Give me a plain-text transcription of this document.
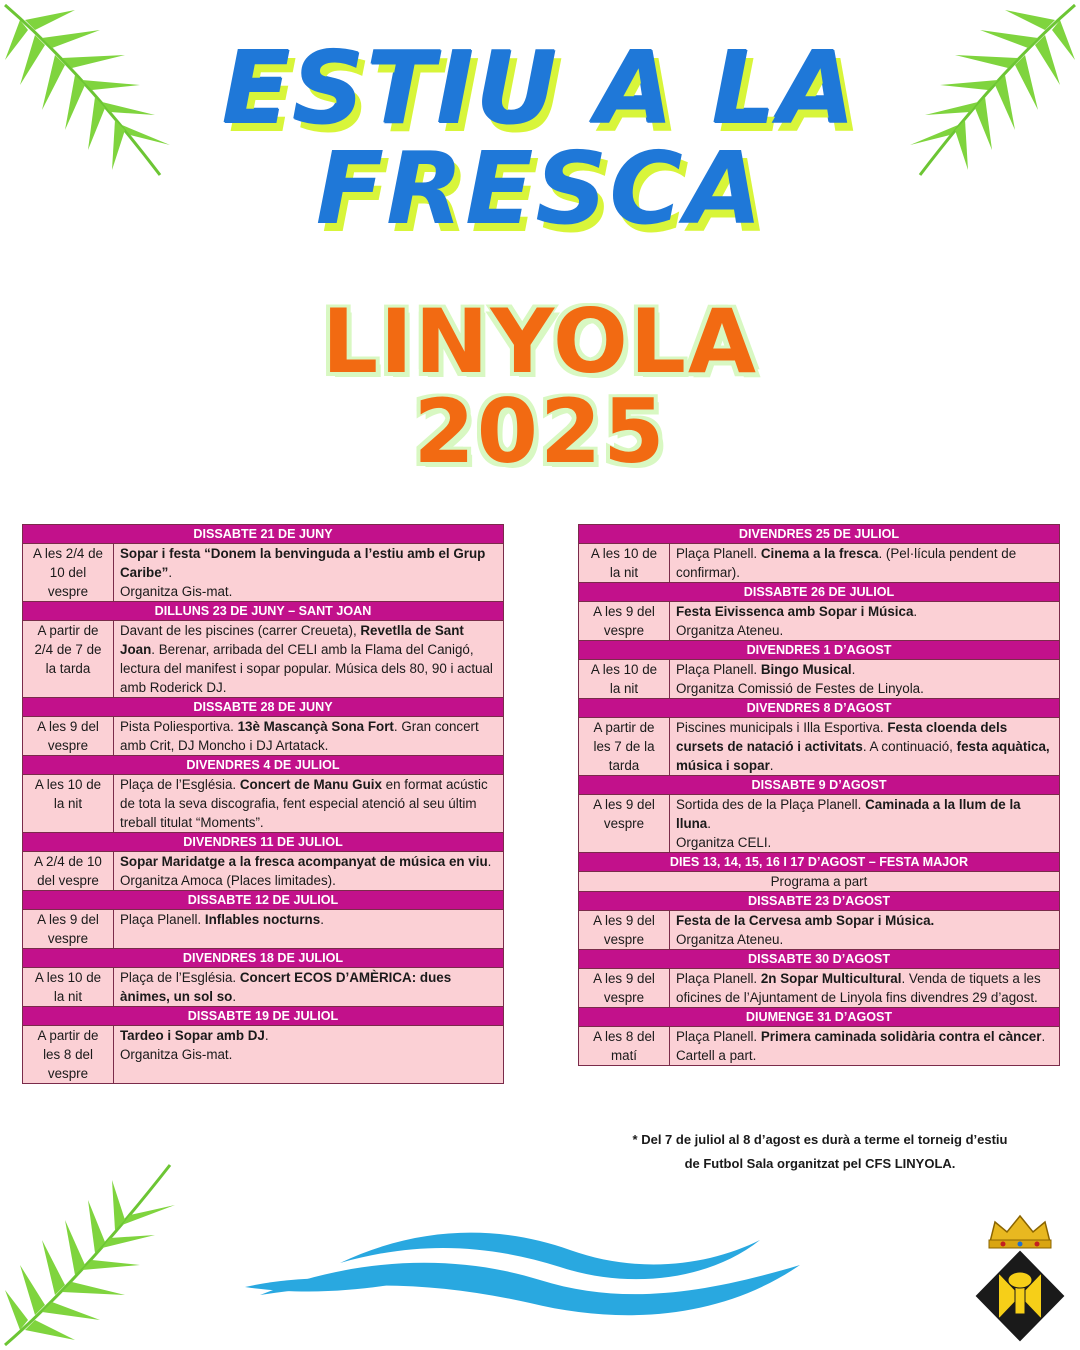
ESTIU A LA
FRESCA
LINYOLA
2025
DISSABTE 21 DE JUNY	
A les 2/4 de 10 del vespre	Sopar i festa “Donem la benvinguda a l’estiu amb el Grup Caribe”.
Organitza Gis-mat.
DILLUNS 23 DE JUNY – SANT JOAN	
A partir de 2/4 de 7 de la tarda	Davant de les piscines (carrer Creueta), Revetlla de Sant Joan. Berenar, arribada del CELI amb la Flama del Canigó, lectura del manifest i sopar popular. Música dels 80, 90 i actual amb Roderick DJ.
DISSABTE 28 DE JUNY	
A les 9 del vespre	Pista Poliesportiva. 13è Mascançà Sona Fort. Gran concert amb Crit, DJ Moncho i DJ Artatack.
DIVENDRES 4 DE JULIOL	
A les 10 de la nit	Plaça de l’Església. Concert de Manu Guix en format acústic de tota la seva discografia, fent especial atenció al seu últim treball titulat “Moments”.
DIVENDRES 11 DE JULIOL	
A 2/4 de 10 del vespre	Sopar Maridatge a la fresca acompanyat de música en viu.
Organitza Amoca (Places limitades).
DISSABTE 12 DE JULIOL	
A les 9 del vespre	Plaça Planell. Inflables nocturns.
DIVENDRES 18 DE JULIOL	
A les 10 de la nit	Plaça de l’Església. Concert ECOS D’AMÈRICA: dues ànimes, un sol so.
DISSABTE 19 DE JULIOL	
A partir de les 8 del vespre	Tardeo i Sopar amb DJ.
Organitza Gis-mat.
DIVENDRES 25 DE JULIOL	
A les 10 de la nit	Plaça Planell. Cinema a la fresca. (Pel·lícula pendent de confirmar).
DISSABTE 26 DE JULIOL	
A les 9 del vespre	Festa Eivissenca amb Sopar i Música.
Organitza Ateneu.
DIVENDRES 1 D’AGOST	
A les 10 de la nit	Plaça Planell. Bingo Musical.
Organitza Comissió de Festes de Linyola.
DIVENDRES 8 D’AGOST	
A partir de les 7 de la tarda	Piscines municipals i Illa Esportiva. Festa cloenda dels cursets de natació i activitats. A continuació, festa aquàtica, música i sopar.
DISSABTE 9 D’AGOST	
A les 9 del vespre	Sortida des de la Plaça Planell. Caminada a la llum de la lluna.
Organitza CELI.
DIES 13, 14, 15, 16 I 17 D’AGOST – FESTA MAJOR	
Programa a part	
DISSABTE 23 D’AGOST	
A les 9 del vespre	Festa de la Cervesa amb Sopar i Música.
Organitza Ateneu.
DISSABTE 30 D’AGOST	
A les 9 del vespre	Plaça Planell. 2n Sopar Multicultural. Venda de tiquets a les oficines de l’Ajuntament de Linyola fins divendres 29 d’agost.
DIUMENGE 31 D’AGOST	
A les 8 del matí	Plaça Planell. Primera caminada solidària contra el càncer. Cartell a part.
* Del 7 de juliol al 8 d’agost es durà a terme el torneig d’estiu
de Futbol Sala organitzat pel CFS LINYOLA.
